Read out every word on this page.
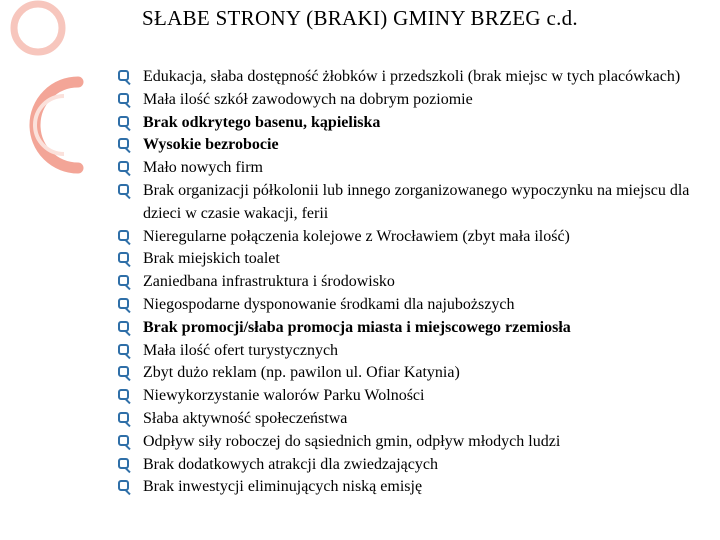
SŁABE STRONY (BRAKI) GMINY BRZEG c.d.
Edukacja, słaba dostępność żłobków i przedszkoli (brak miejsc w tych placówkach)
Mała ilość szkół zawodowych na dobrym poziomie
Brak odkrytego basenu, kąpieliska
Wysokie bezrobocie
Mało nowych firm
Brak organizacji półkolonii lub innego zorganizowanego wypoczynku na miejscu dla dzieci w czasie wakacji, ferii
Nieregularne połączenia kolejowe z Wrocławiem (zbyt mała ilość)
Brak miejskich toalet
Zaniedbana infrastruktura i środowisko
Niegospodarne dysponowanie środkami dla najuboższych
Brak promocji/słaba promocja miasta i miejscowego rzemiosła
Mała ilość ofert turystycznych
Zbyt dużo reklam (np. pawilon ul. Ofiar Katynia)
Niewykorzystanie walorów Parku Wolności
Słaba aktywność społeczeństwa
Odpływ siły roboczej do sąsiednich gmin, odpływ młodych ludzi
Brak dodatkowych atrakcji dla zwiedzających
Brak inwestycji eliminujących niską emisję
